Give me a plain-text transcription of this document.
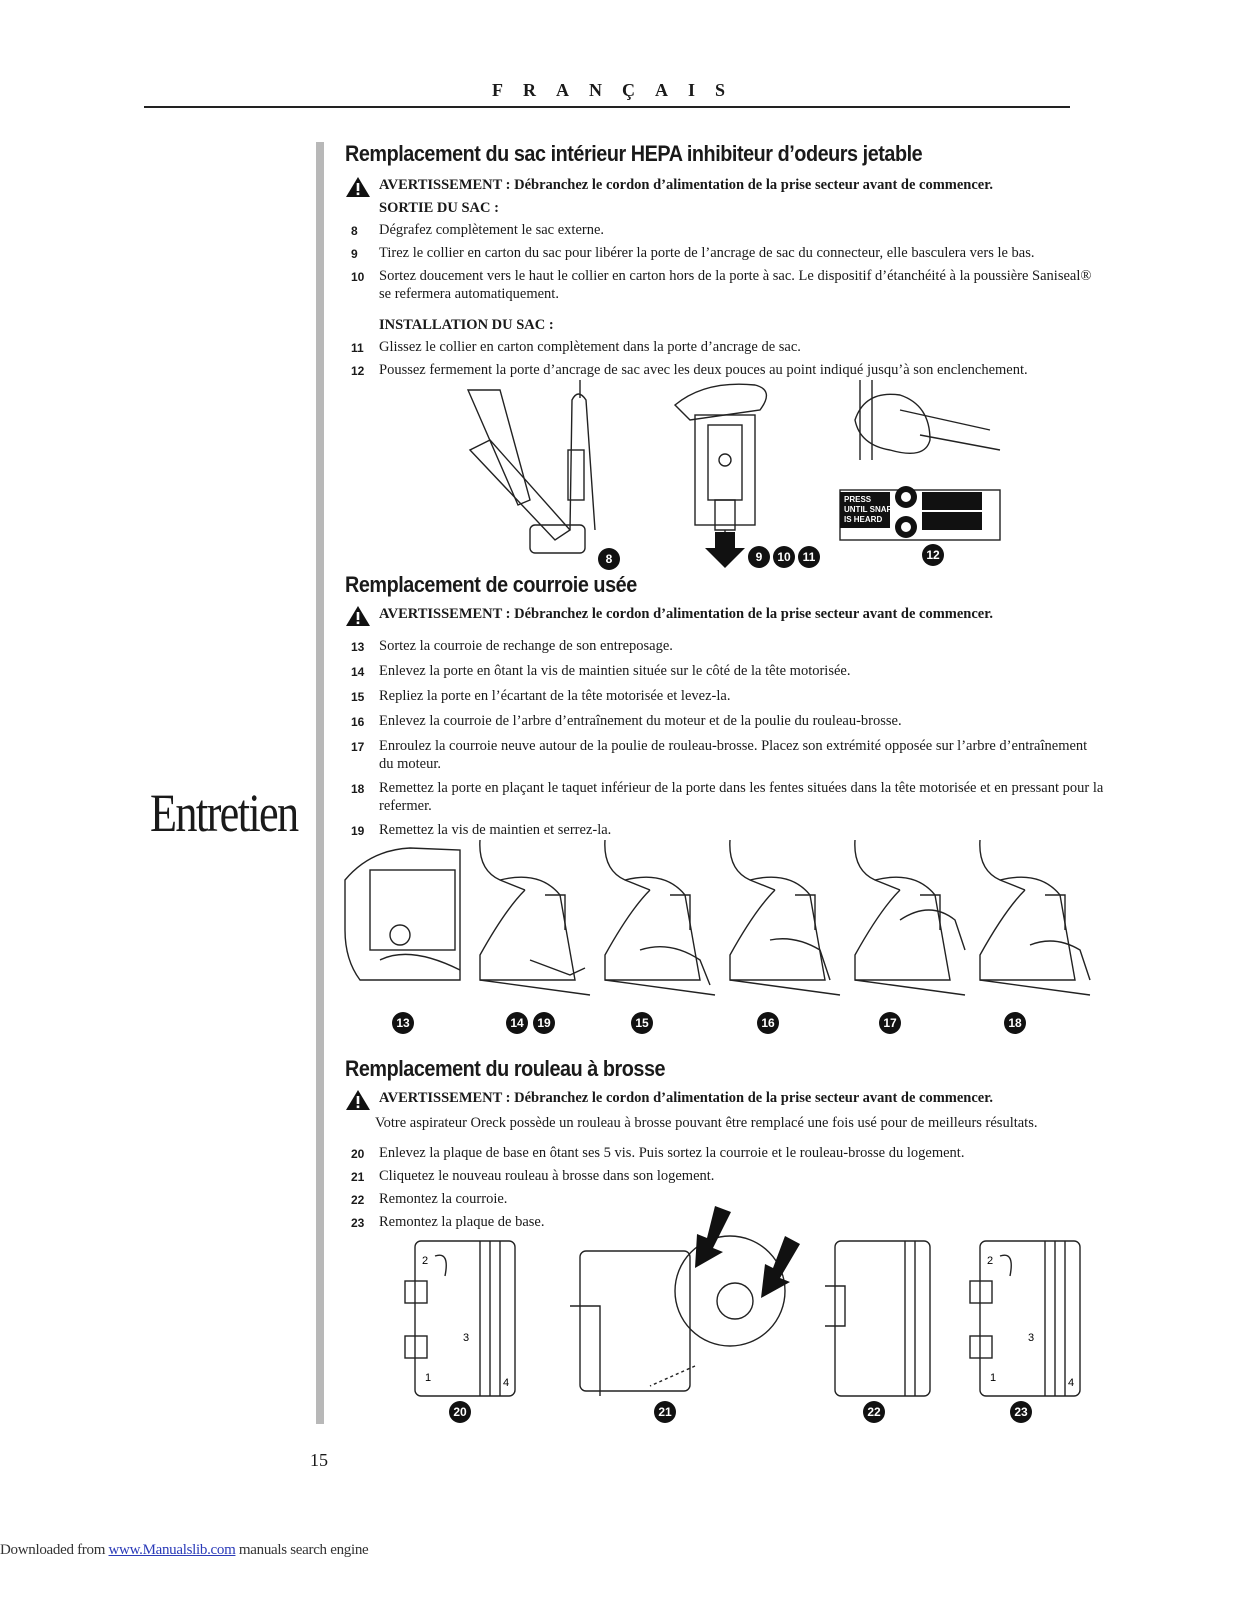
FRANÇAIS
Entretien
Remplacement du sac intérieur HEPA inhibiteur d’odeurs jetable
AVERTISSEMENT : Débranchez le cordon d’alimentation de la prise secteur avant de commencer.
SORTIE DU SAC :
8	Dégrafez complètement le sac externe.
9	Tirez le collier en carton du sac pour libérer la porte de l’ancrage de sac du connecteur, elle basculera vers le bas.
10	Sortez doucement vers le haut le collier en carton hors de la porte à sac. Le dispositif d’étanchéité à la poussière Saniseal® se refermera automatiquement.
INSTALLATION DU SAC :
11	Glissez le collier en carton complètement dans la porte d’ancrage de sac.
12	Poussez fermement la porte d’ancrage de sac avec les deux pouces au point indiqué jusqu’à son enclenchement.
PRESS
UNTIL SNAP
IS HEARD
8	9	10 11	12
Remplacement de courroie usée
AVERTISSEMENT : Débranchez le cordon d’alimentation de la prise secteur avant de commencer.
13	Sortez la courroie de rechange de son entreposage.
14	Enlevez la porte en ôtant la vis de maintien située sur le côté de la tête motorisée.
15	Repliez la porte en l’écartant de la tête motorisée et levez-la.
16	Enlevez la courroie de l’arbre d’entraînement du moteur et de la poulie du rouleau-brosse.
17	Enroulez la courroie neuve autour de la poulie de rouleau-brosse. Placez son extrémité opposée sur l’arbre d’entraînement du moteur.
18	Remettez la porte en plaçant le taquet inférieur de la porte dans les fentes situées dans la tête motorisée et en pressant pour la refermer.
19	Remettez la vis de maintien et serrez-la.
13	14	19	15	16	17	18
Remplacement du rouleau à brosse
AVERTISSEMENT : Débranchez le cordon d’alimentation de la prise secteur avant de commencer.
Votre aspirateur Oreck possède un rouleau à brosse pouvant être remplacé une fois usé pour de meilleurs résultats.
20	Enlevez la plaque de base en ôtant ses 5 vis. Puis sortez la courroie et le rouleau-brosse du logement.
21	Cliquetez le nouveau rouleau à brosse dans son logement.
22	Remontez la courroie.
23	Remontez la plaque de base.
2
1
3
4
2
1
3
4
20	21	22	23
15
Downloaded from www.Manualslib.com manuals search engine
